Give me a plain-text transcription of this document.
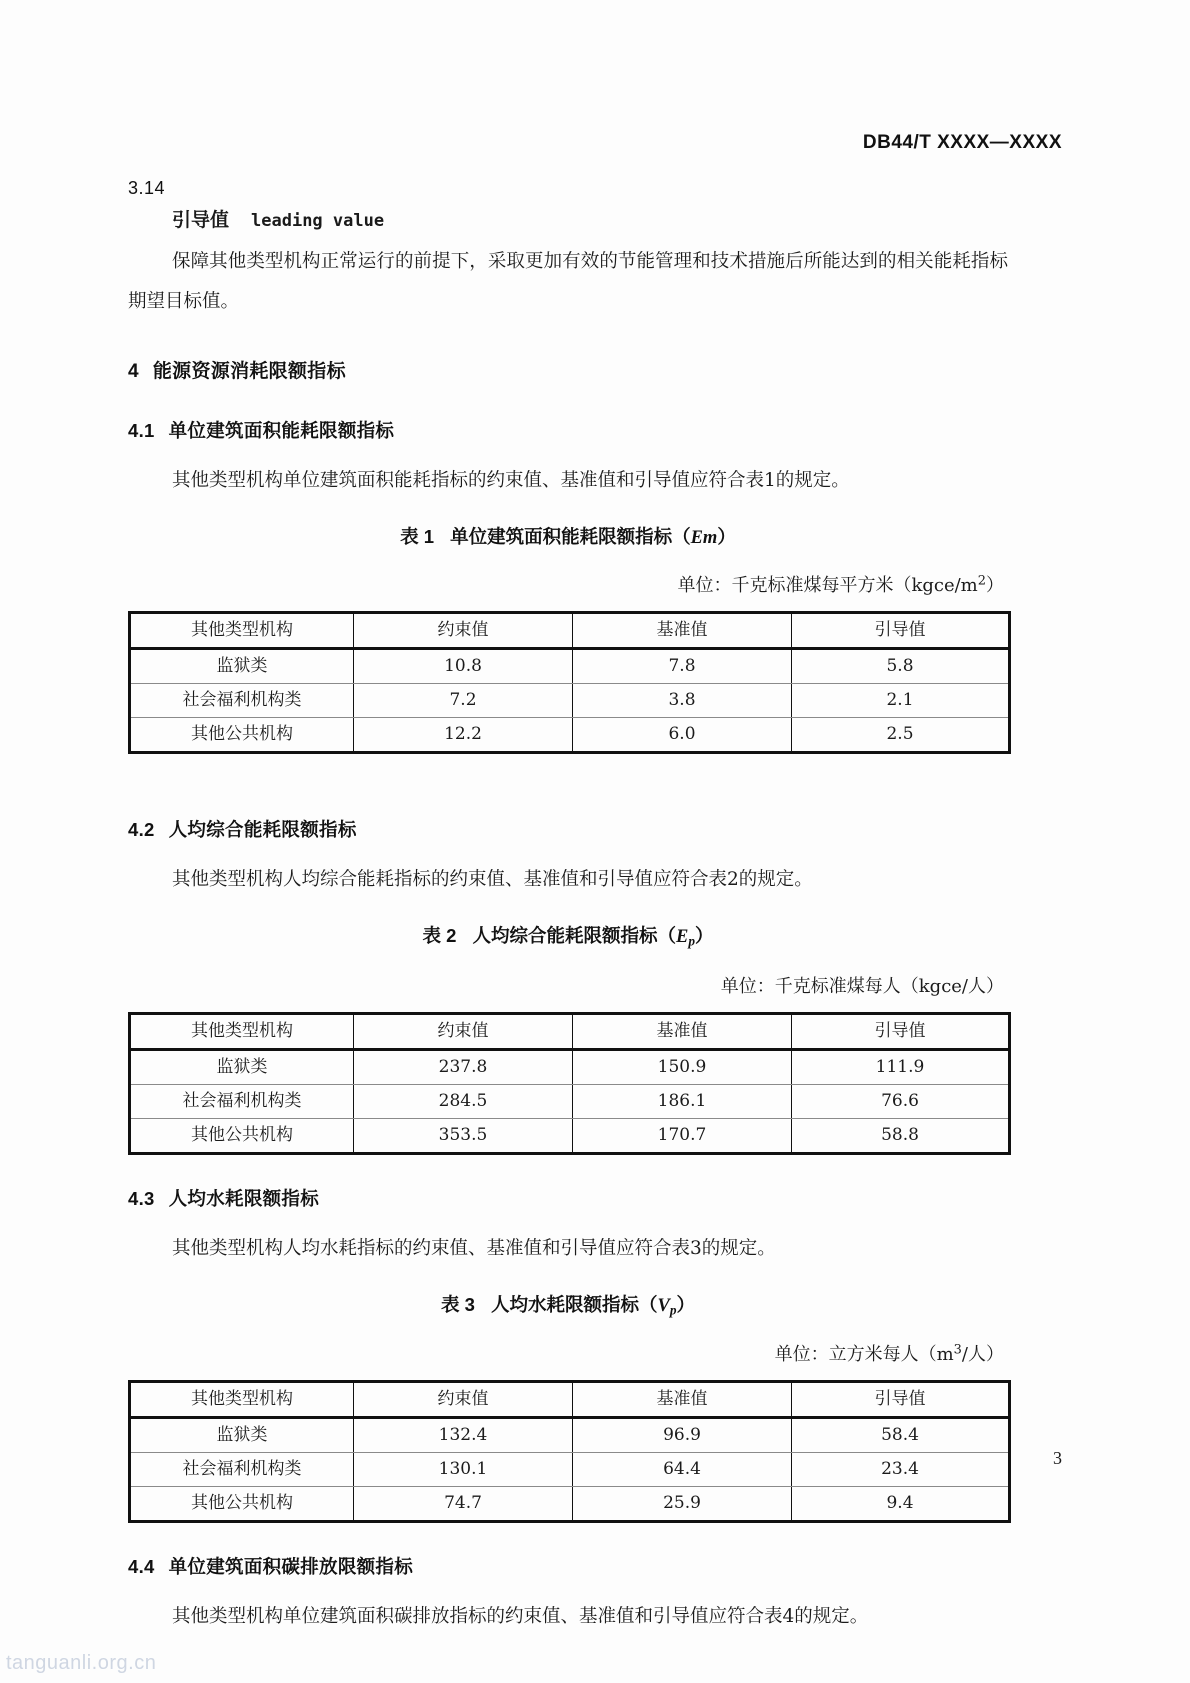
DB44/T XXXX—XXXX
3.14
引导值 leading value

保障其他类型机构正常运行的前提下，采取更加有效的节能管理和技术措施后所能达到的相关能耗指标期望目标值。

4 能源资源消耗限额指标
4.1 单位建筑面积能耗限额指标

其他类型机构单位建筑面积能耗指标的约束值、基准值和引导值应符合表1的规定。

表 1 单位建筑面积能耗限额指标（Em）

单位：千克标准煤每平方米$(kgce/m^2)$

其他类型机构	约束值	基准值	引导值
监狱类	10.8	7.8	5.8
社会福利机构类	7.2	3.8	2.1
其他公共机构	12.2	6.0	2.5
4.2 人均综合能耗限额指标

其他类型机构人均综合能耗指标的约束值、基准值和引导值应符合表2的规定。

表 2 人均综合能耗限额指标$(E_p)$

单位：千克标准煤每人（kgce/人）

其他类型机构	约束值	基准值	引导值
监狱类	237.8	150.9	111.9
社会福利机构类	284.5	186.1	76.6
其他公共机构	353.5	170.7	58.8
4.3 人均水耗限额指标

其他类型机构人均水耗指标的约束值、基准值和引导值应符合表3的规定。

表 3 人均水耗限额指标$(V_p)$

单位：立方米每人（$m^3/$人）

其他类型机构	约束值	基准值	引导值
监狱类	132.4	96.9	58.4
社会福利机构类	130.1	64.4	23.4
其他公共机构	74.7	25.9	9.4
4.4 单位建筑面积碳排放限额指标

其他类型机构单位建筑面积碳排放指标的约束值、基准值和引导值应符合表4的规定。

3
tanguanli.org.cn
